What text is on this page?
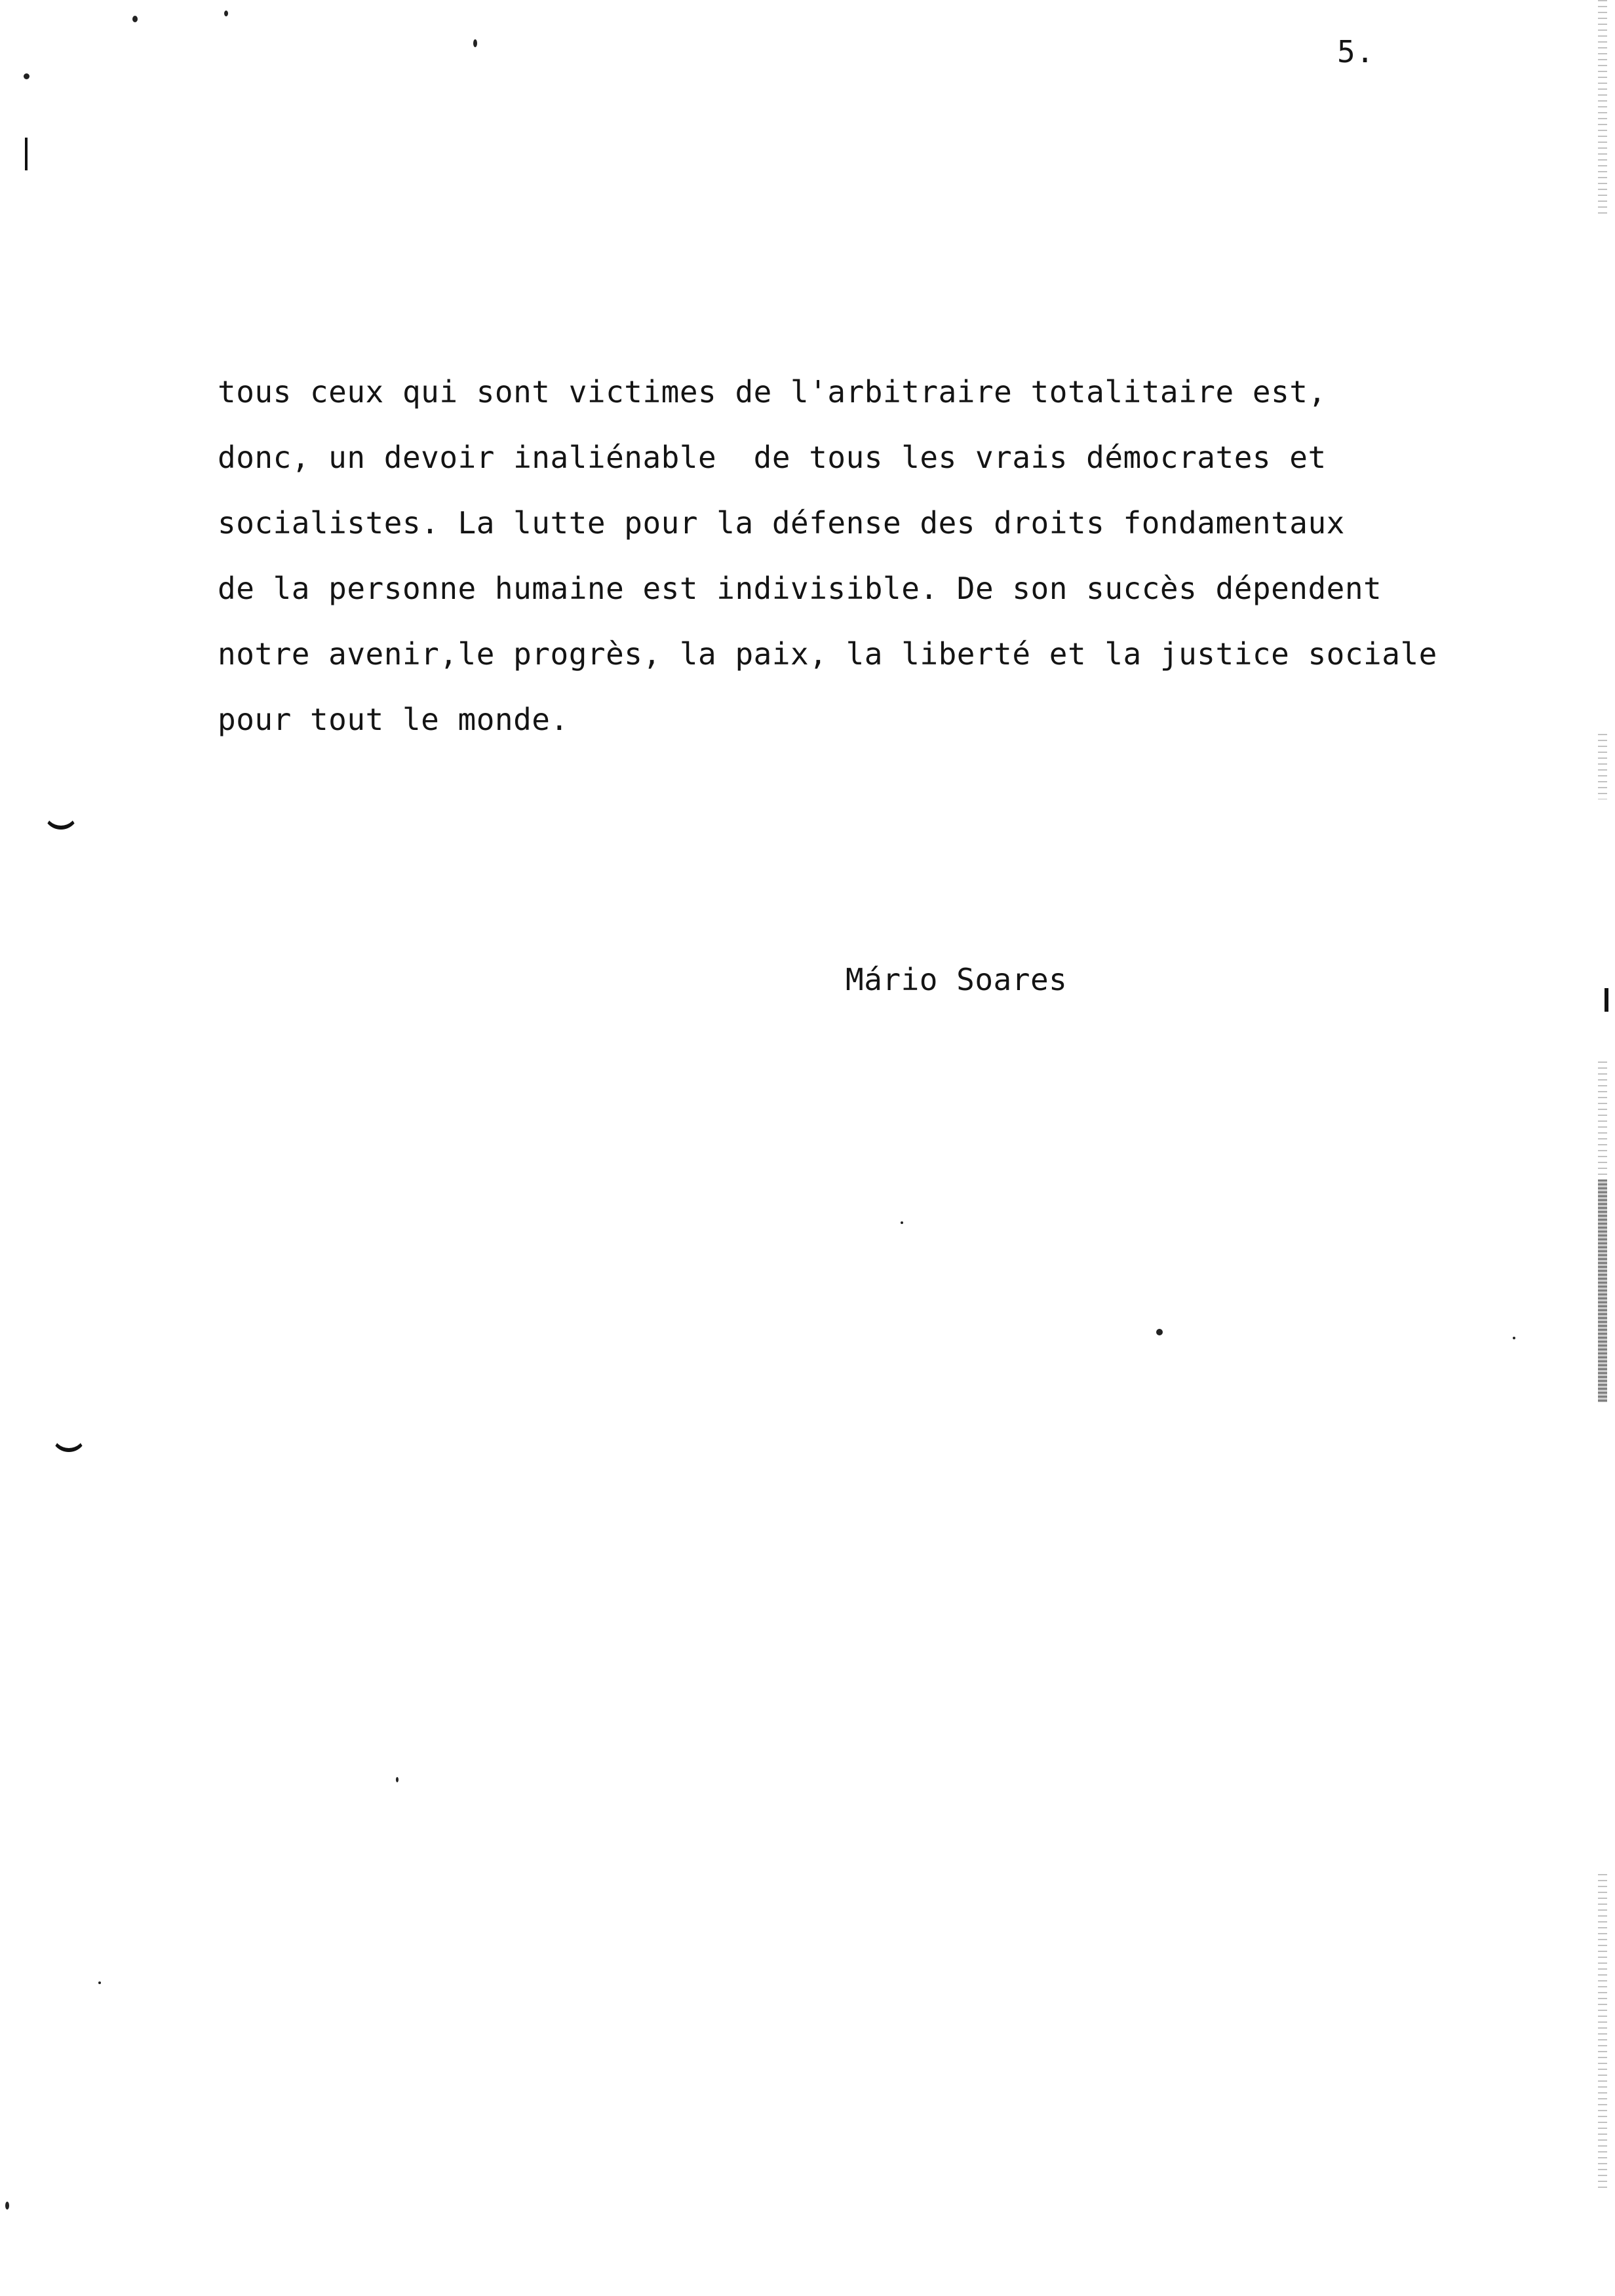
5.
tous ceux qui sont victimes de l'arbitraire totalitaire est,
donc, un devoir inaliénable  de tous les vrais démocrates et
socialistes. La lutte pour la défense des droits fondamentaux
de la personne humaine est indivisible. De son succès dépendent
notre avenir,le progrès, la paix, la liberté et la justice sociale
pour tout le monde.
Mário Soares
